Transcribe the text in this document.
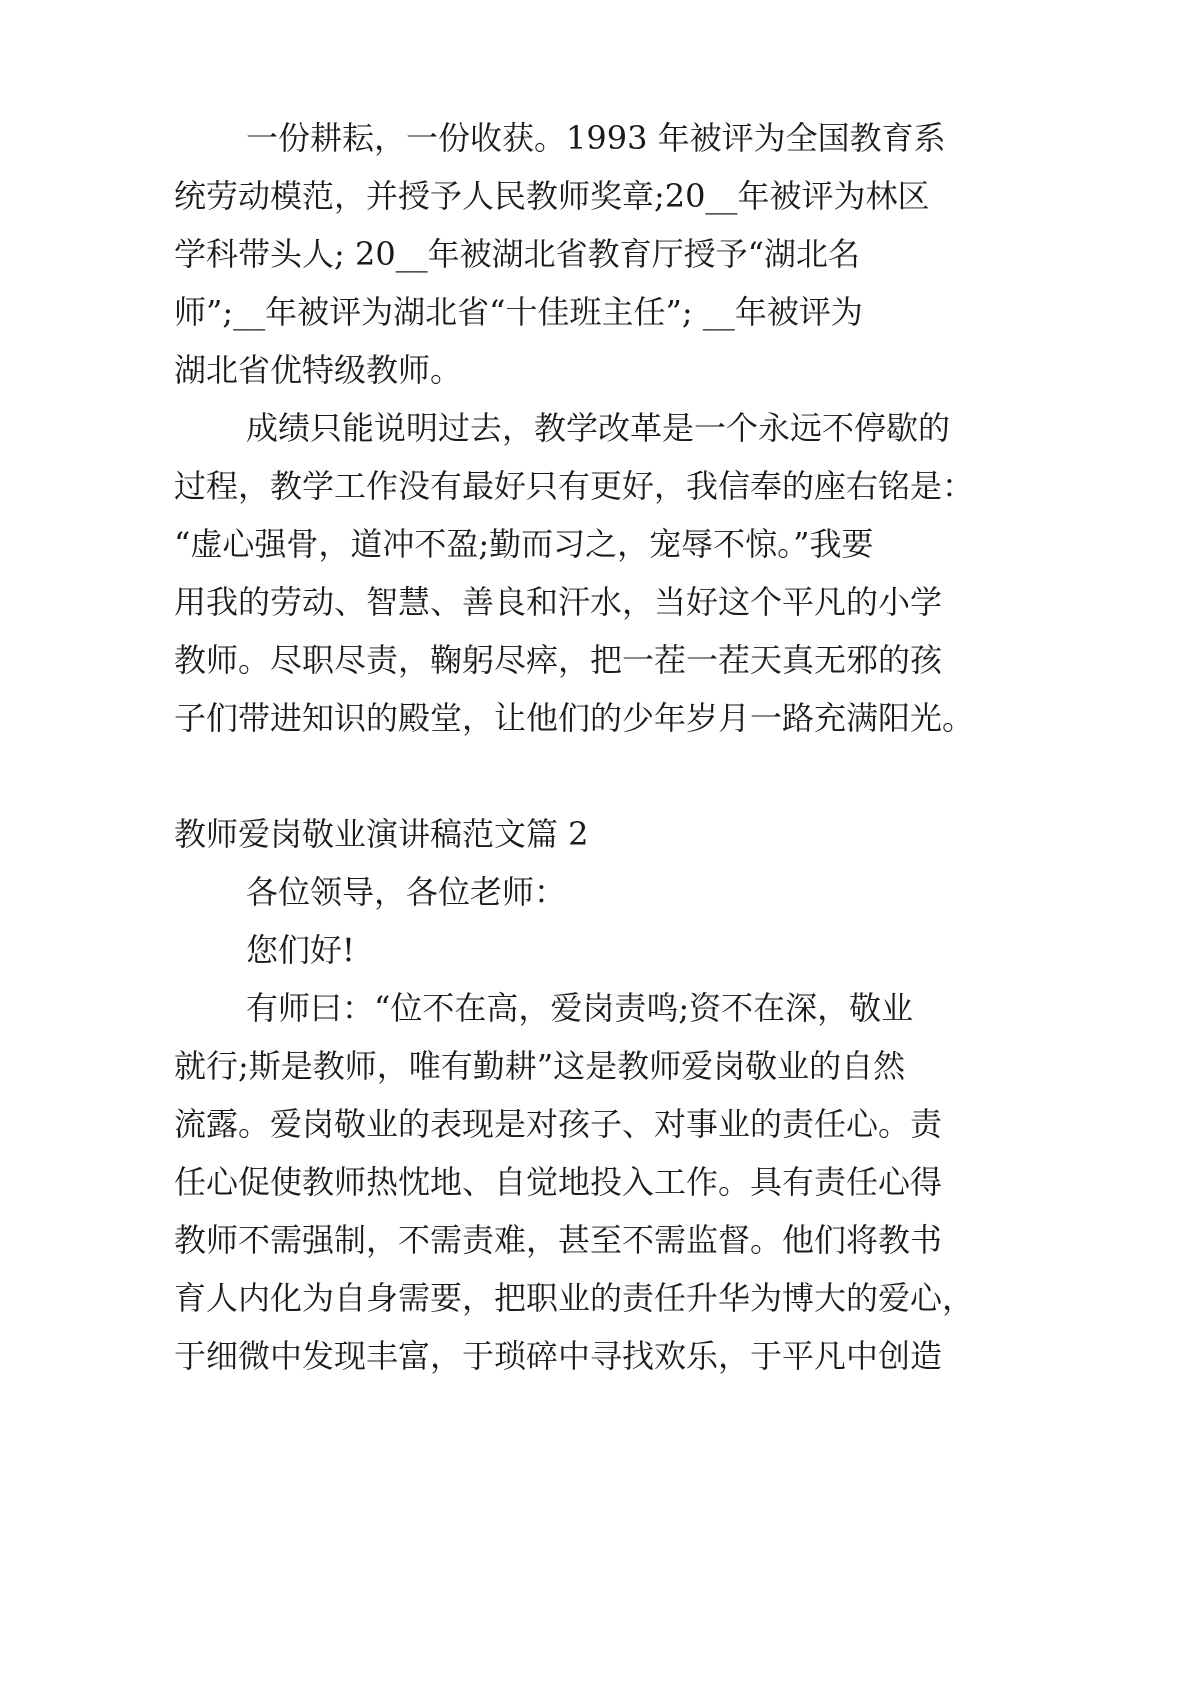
一份耕耘，一份收获。1993 年被评为全国教育系
统劳动模范，并授予人民教师奖章;20__年被评为林区
学科带头人; 20__年被湖北省教育厅授予“湖北名
师”;__年被评为湖北省“十佳班主任”; __年被评为
湖北省优特级教师。
成绩只能说明过去，教学改革是一个永远不停歇的
过程，教学工作没有最好只有更好，我信奉的座右铭是：
“虚心强骨，道冲不盈;勤而习之，宠辱不惊。”我要
用我的劳动、智慧、善良和汗水，当好这个平凡的小学
教师。尽职尽责，鞠躬尽瘁，把一茬一茬天真无邪的孩
子们带进知识的殿堂，让他们的少年岁月一路充满阳光。
教师爱岗敬业演讲稿范文篇 2
各位领导，各位老师：
您们好!
有师曰：“位不在高，爱岗责鸣;资不在深，敬业
就行;斯是教师，唯有勤耕”这是教师爱岗敬业的自然
流露。爱岗敬业的表现是对孩子、对事业的责任心。责
任心促使教师热忱地、自觉地投入工作。具有责任心得
教师不需强制，不需责难，甚至不需监督。他们将教书
育人内化为自身需要，把职业的责任升华为博大的爱心，
于细微中发现丰富，于琐碎中寻找欢乐，于平凡中创造
